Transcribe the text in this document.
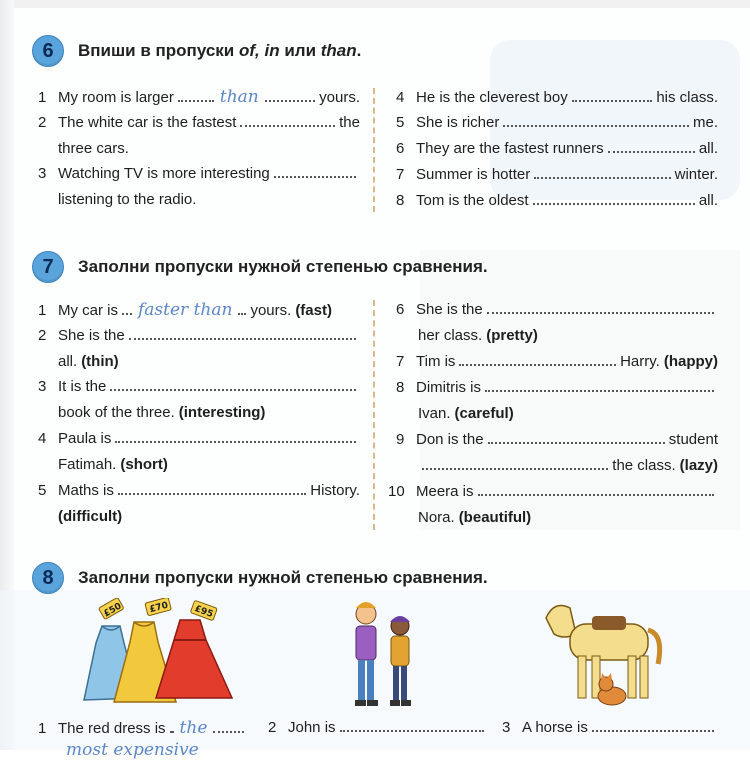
6	Впиши в пропуски of, in или than.
1 My room is larger	than	yours.
2 The white car is the fastest	the
three cars.
3 Watching TV is more interesting
listening to the radio.
4 He is the cleverest boy	his class.
5 She is richer	me.
6 They are the fastest runners	all.
7 Summer is hotter	winter.
8 Tom is the oldest	all.
7	Заполни пропуски нужной степенью сравнения.
1 My car is faster than yours. (fast)
2 She is the
all. (thin)
3 It is the
book of the three. (interesting)
4 Paula is
Fatimah. (short)
5 Maths is	History.
(difficult)
6 She is the
her class. (pretty)
7 Tim is	Harry. (happy)
8 Dimitris is
Ivan. (careful)
9 Don is the	student
the class. (lazy)
10 Meera is
Nora. (beautiful)
8	Заполни пропуски нужной степенью сравнения.
£50	£70	£95
1 The red dress is the
most expensive
2 John is	3 A horse is
